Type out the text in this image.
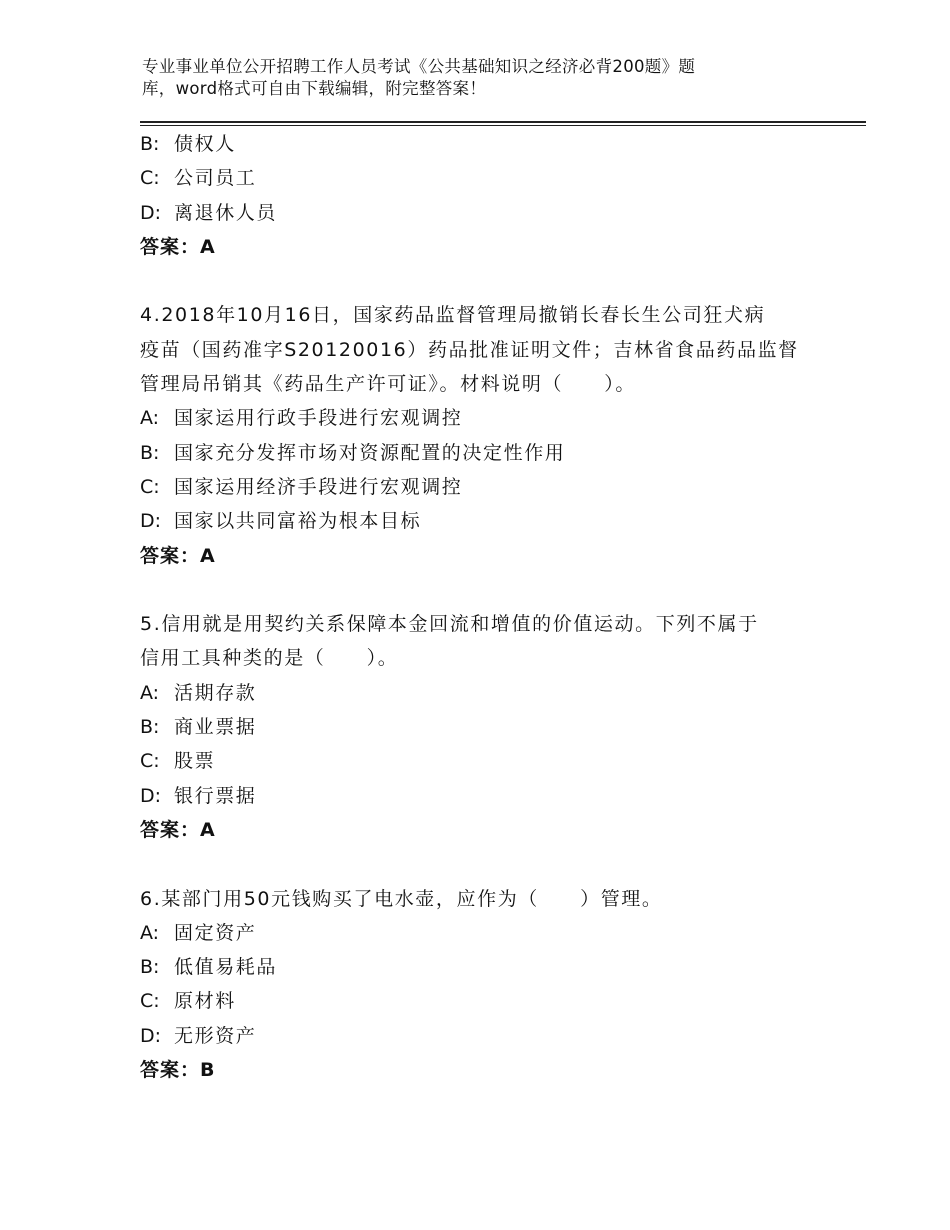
专业事业单位公开招聘工作人员考试《公共基础知识之经济必背200题》题
库，word格式可自由下载编辑，附完整答案！
B: 债权人
C: 公司员工
D: 离退休人员
答案：A
4.2018年10月16日，国家药品监督管理局撤销长春长生公司狂犬病
疫苗（国药准字S20120016）药品批准证明文件；吉林省食品药品监督
管理局吊销其《药品生产许可证》。材料说明（　　）。
A: 国家运用行政手段进行宏观调控
B: 国家充分发挥市场对资源配置的决定性作用
C: 国家运用经济手段进行宏观调控
D: 国家以共同富裕为根本目标
答案：A
5.信用就是用契约关系保障本金回流和增值的价值运动。下列不属于
信用工具种类的是（　　）。
A: 活期存款
B: 商业票据
C: 股票
D: 银行票据
答案：A
6.某部门用50元钱购买了电水壶，应作为（　　）管理。
A: 固定资产
B: 低值易耗品
C: 原材料
D: 无形资产
答案：B
